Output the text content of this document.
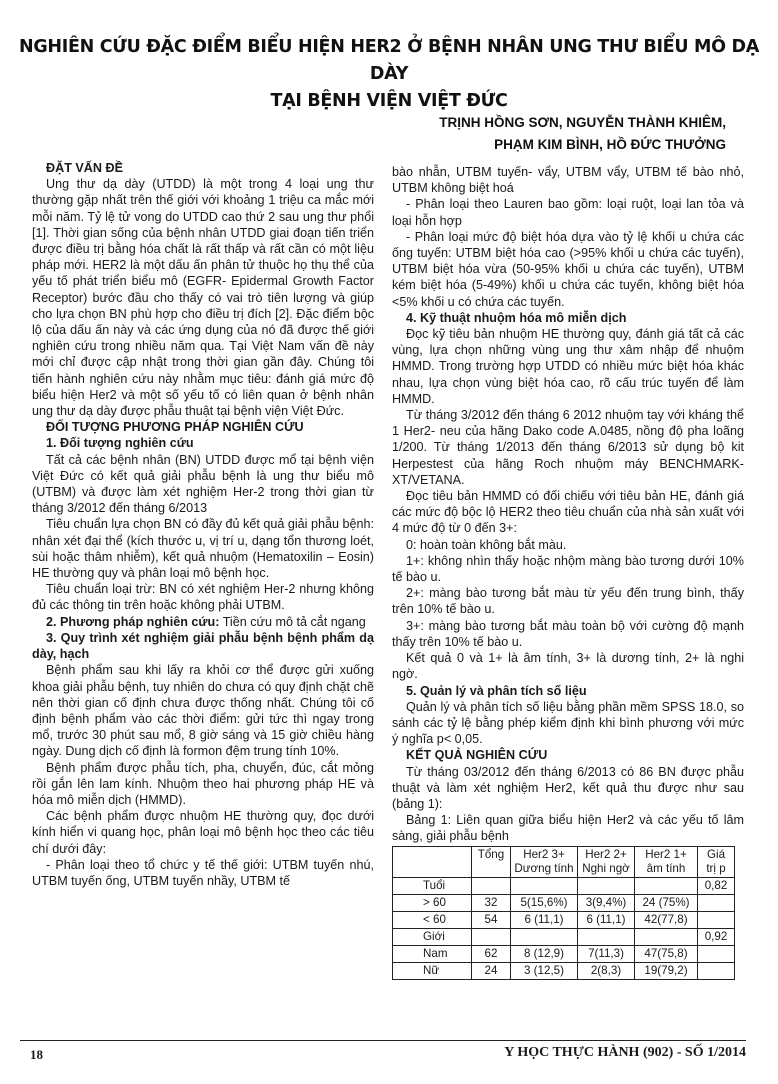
NGHIÊN CỨU ĐẶC ĐIỂM BIỂU HIỆN HER2 Ở BỆNH NHÂN UNG THƯ BIỂU MÔ DẠ DÀY
TẠI BỆNH VIỆN VIỆT ĐỨC
TRỊNH HỒNG SƠN, NGUYỄN THÀNH KHIÊM,
PHẠM KIM BÌNH, HỒ ĐỨC THƯỞNG

ĐẶT VẤN ĐỀ

Ung thư dạ dày (UTDD) là một trong 4 loại ung thư thường gặp nhất trên thế giới với khoảng 1 triệu ca mắc mới mỗi năm. Tỷ lệ tử vong do UTDD cao thứ 2 sau ung thư phổi [1]. Thời gian sống của bệnh nhân UTDD giai đoạn tiến triển được điều trị bằng hóa chất là rất thấp và rất cần có một liệu pháp mới. HER2 là một dấu ấn phân tử thuộc họ thụ thể của yếu tố phát triển biểu mô (EGFR- Epidermal Growth Factor Receptor) bước đầu cho thấy có vai trò tiên lượng và giúp cho lựa chọn BN phù hợp cho điều trị đích [2]. Đặc điểm bộc lộ của dấu ấn này và các ứng dụng của nó đã được thế giới nghiên cứu trong nhiều năm qua. Tại Việt Nam vấn đề này mới chỉ được cập nhật trong thời gian gần đây. Chúng tôi tiến hành nghiên cứu này nhằm mục tiêu: đánh giá mức độ biểu hiện Her2 và một số yếu tố có liên quan ở bệnh nhân ung thư dạ dày được phẫu thuật tại bệnh viện Việt Đức.

ĐỐI TƯỢNG PHƯƠNG PHÁP NGHIÊN CỨU

1. Đối tượng nghiên cứu

Tất cả các bệnh nhân (BN) UTDD được mổ tại bệnh viện Việt Đức có kết quả giải phẫu bệnh là ung thư biểu mô (UTBM) và được làm xét nghiệm Her-2 trong thời gian từ tháng 3/2012 đến tháng 6/2013

Tiêu chuẩn lựa chọn BN có đầy đủ kết quả giải phẫu bệnh: nhân xét đại thể (kích thước u, vị trí u, dạng tổn thương loét, sùi hoặc thâm nhiễm), kết quả nhuộm (Hematoxilin – Eosin) HE thường quy và phân loại mô bệnh học.

Tiêu chuẩn loại trừ: BN có xét nghiệm Her-2 nhưng không đủ các thông tin trên hoặc không phải UTBM.

2. Phương pháp nghiên cứu: Tiền cứu mô tả cắt ngang

3. Quy trình xét nghiệm giải phẫu bệnh bệnh phẩm dạ dày, hạch

Bệnh phẩm sau khi lấy ra khỏi cơ thể được gửi xuống khoa giải phẫu bệnh, tuy nhiên do chưa có quy định chặt chẽ nên thời gian cố định chưa được thống nhất. Chúng tôi cố định bệnh phẩm vào các thời điểm: gửi tức thì ngay trong mổ, trước 30 phút sau mổ, 8 giờ sáng và 15 giờ chiều hàng ngày. Dung dịch cố định là formon đệm trung tính 10%.

Bệnh phẩm được phẫu tích, pha, chuyển, đúc, cắt mỏng rồi gắn lên lam kính. Nhuộm theo hai phương pháp HE và hóa mô miễn dịch (HMMD).

Các bệnh phẩm được nhuộm HE thường quy, đọc dưới kính hiển vi quang học, phân loại mô bệnh học theo các tiêu chí dưới đây:

- Phân loại theo tổ chức y tế thế giới: UTBM tuyến nhú, UTBM tuyến ống, UTBM tuyến nhầy, UTBM tế

bào nhẫn, UTBM tuyến- vẩy, UTBM vẩy, UTBM tế bào nhỏ, UTBM không biệt hoá

- Phân loại theo Lauren bao gồm: loại ruột, loại lan tỏa và loại hỗn hợp

- Phân loại mức độ biệt hóa dựa vào tỷ lệ khối u chứa các ống tuyến: UTBM biệt hóa cao (>95% khối u chứa các tuyến), UTBM biệt hóa vừa (50-95% khối u chứa các tuyến), UTBM kém biệt hóa (5-49%) khối u chứa các tuyến, không biệt hóa <5% khối u có chứa các tuyến.

4. Kỹ thuật nhuộm hóa mô miễn dịch

Đọc kỹ tiêu bản nhuộm HE thường quy, đánh giá tất cả các vùng, lựa chọn những vùng ung thư xâm nhập để nhuộm HMMD. Trong trường hợp UTDD có nhiều mức biệt hóa khác nhau, lựa chọn vùng biệt hóa cao, rõ cấu trúc tuyến để làm HMMD.

Từ tháng 3/2012 đến tháng 6 2012 nhuộm tay với kháng thể 1 Her2- neu của hãng Dako code A.0485, nồng độ pha loãng 1/200. Từ tháng 1/2013 đến tháng 6/2013 sử dụng bộ kit Herpestest của hãng Roch nhuộm máy BENCHMARK-XT/VETANA.

Đọc tiêu bản HMMD có đối chiếu với tiêu bản HE, đánh giá các mức độ bộc lộ HER2 theo tiêu chuẩn của nhà sản xuất với 4 mức độ từ 0 đến 3+:

0: hoàn toàn không bắt màu.

1+: không nhìn thấy hoặc nhộm màng bào tương dưới 10% tế bào u.

2+: màng bào tương bắt màu từ yếu đến trung bình, thấy trên 10% tế bào u.

3+: màng bào tương bắt màu toàn bộ với cường độ mạnh thấy trên 10% tế bào u.

Kết quả 0 và 1+ là âm tính, 3+ là dương tính, 2+ là nghi ngờ.

5. Quản lý và phân tích số liệu

Quản lý và phân tích số liệu bằng phần mềm SPSS 18.0, so sánh các tỷ lệ bằng phép kiểm định khi bình phương với mức ý nghĩa p< 0,05.

KẾT QUẢ NGHIÊN CỨU

Từ tháng 03/2012 đến tháng 6/2013 có 86 BN được phẫu thuật và làm xét nghiệm Her2, kết quả thu được như sau (bảng 1):

Bảng 1: Liên quan giữa biểu hiện Her2 và các yếu tố lâm sàng, giải phẫu bệnh

	Tổng	Her2 3+ Dương tính	Her2 2+ Nghi ngờ	Her2 1+ âm tính	Giá trị p
Tuổi					0,82
> 60	32	5(15,6%)	3(9,4%)	24 (75%)	
< 60	54	6 (11,1)	6 (11,1)	42(77,8)	
Giới					0,92
Nam	62	8 (12,9)	7(11,3)	47(75,8)	
Nữ	24	3 (12,5)	2(8,3)	19(79,2)	
18	Y HỌC THỰC HÀNH (902) - SỐ 1/2014
